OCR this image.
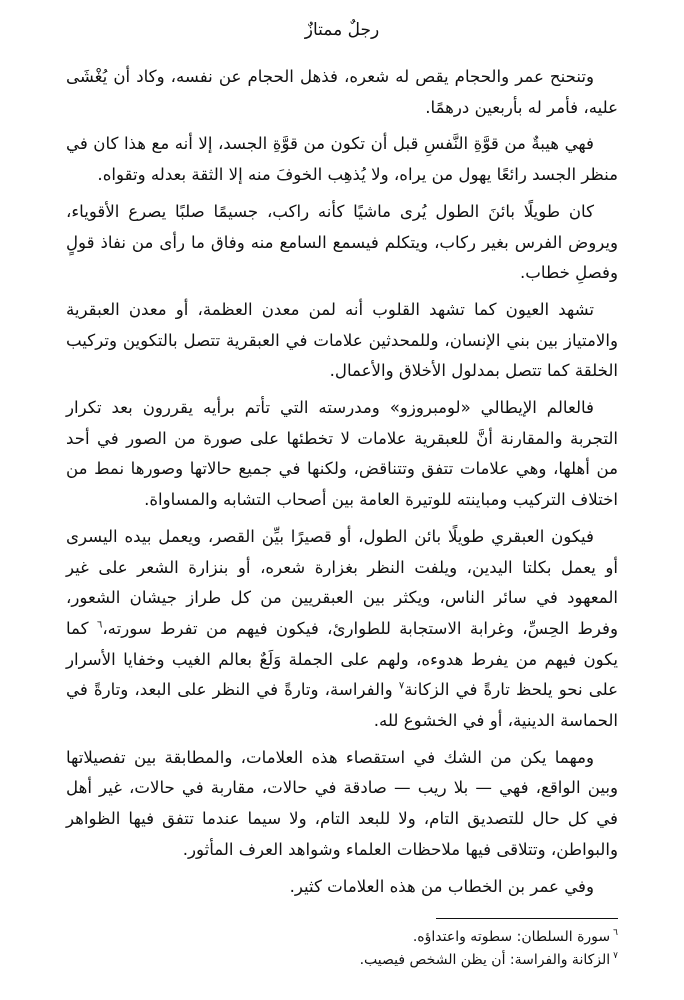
رجلٌ ممتازٌ

وتنحنح عمر والحجام يقص له شعره، فذهل الحجام عن نفسه، وكاد أن يُغْشَى عليه، فأمر له بأربعين درهمًا.

فهي هيبةٌ من قوَّةِ النَّفسِ قبل أن تكون من قوَّةِ الجسد، إلا أنه مع هذا كان في منظر الجسد رائعًا يهول من يراه، ولا يُذهِب الخوفَ منه إلا الثقة بعدله وتقواه.

كان طويلًا بائنَ الطول يُرى ماشيًا كأنه راكب، جسيمًا صلبًا يصرع الأقوياء، ويروض الفرس بغير ركاب، ويتكلم فيسمع السامع منه وفاق ما رأى من نفاذ قولٍ وفصلِ خطاب.

تشهد العيون كما تشهد القلوب أنه لمن معدن العظمة، أو معدن العبقرية والامتياز بين بني الإنسان، وللمحدثين علامات في العبقرية تتصل بالتكوين وتركيب الخلقة كما تتصل بمدلول الأخلاق والأعمال.

فالعالم الإيطالي «لومبروزو» ومدرسته التي تأتم برأيه يقررون بعد تكرار التجربة والمقارنة أنَّ للعبقرية علامات لا تخطئها على صورة من الصور في أحد من أهلها، وهي علامات تتفق وتتناقض، ولكنها في جميع حالاتها وصورها نمط من اختلاف التركيب ومباينته للوتيرة العامة بين أصحاب التشابه والمساواة.

فيكون العبقري طويلًا بائن الطول، أو قصيرًا بيِّن القصر، ويعمل بيده اليسرى أو يعمل بكلتا اليدين، ويلفت النظر بغزارة شعره، أو بنزارة الشعر على غير المعهود في سائر الناس، ويكثر بين العبقريين من كل طراز جيشان الشعور، وفرط الحِسِّ، وغرابة الاستجابة للطوارئ، فيكون فيهم من تفرط سورته،$^٦$ كما يكون فيهم من يفرط هدوءه، ولهم على الجملة وَلَعٌ بعالم الغيب وخفايا الأسرار على نحو يلحظ تارةً في الزكانة$^٧$ والفراسة، وتارةً في النظر على البعد، وتارةً في الحماسة الدينية، أو في الخشوع لله.

ومهما يكن من الشك في استقصاء هذه العلامات، والمطابقة بين تفصيلاتها وبين الواقع، فهي — بلا ريب — صادقة في حالات، مقاربة في حالات، غير أهل في كل حال للتصديق التام، ولا للبعد التام، ولا سيما عندما تتفق فيها الظواهر والبواطن، وتتلاقى فيها ملاحظات العلماء وشواهد العرف المأثور.

وفي عمر بن الخطاب من هذه العلامات كثير.

$^٦$سورة السلطان: سطوته واعتداؤه.

$^٧$الزكانة والفراسة: أن يظن الشخص فيصيب.
